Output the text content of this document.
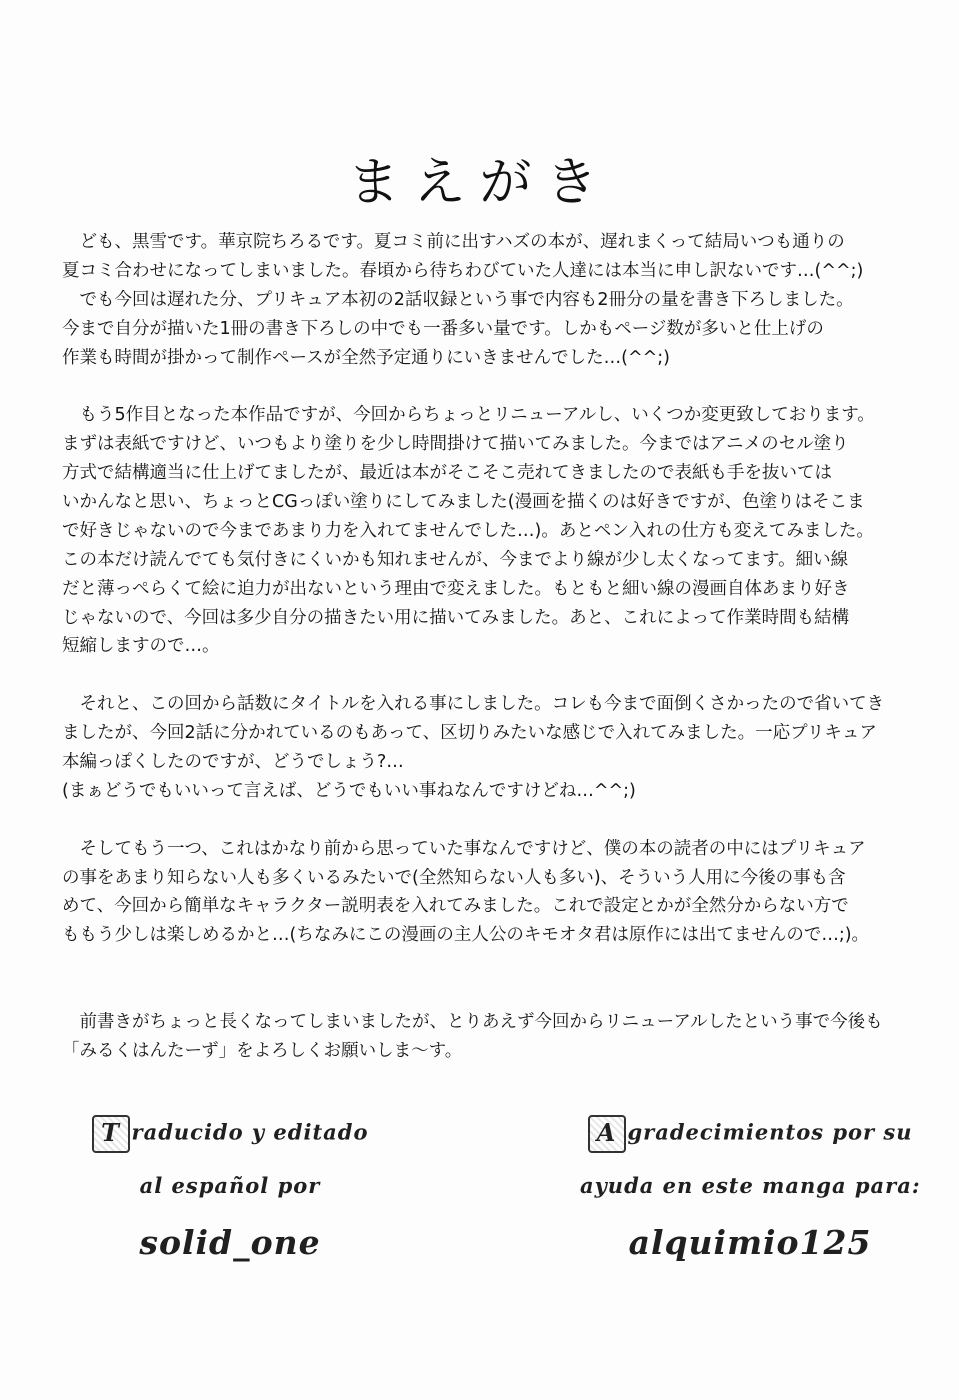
まえがき
　ども、黒雪です。華京院ちろるです。夏コミ前に出すハズの本が、遅れまくって結局いつも通りの
夏コミ合わせになってしまいました。春頃から待ちわびていた人達には本当に申し訳ないです…(^^;)
　でも今回は遅れた分、プリキュア本初の2話収録という事で内容も2冊分の量を書き下ろしました。
今まで自分が描いた1冊の書き下ろしの中でも一番多い量です。しかもページ数が多いと仕上げの
作業も時間が掛かって制作ペースが全然予定通りにいきませんでした…(^^;)
　もう5作目となった本作品ですが、今回からちょっとリニューアルし、いくつか変更致しております。
まずは表紙ですけど、いつもより塗りを少し時間掛けて描いてみました。今まではアニメのセル塗り
方式で結構適当に仕上げてましたが、最近は本がそこそこ売れてきましたので表紙も手を抜いては
いかんなと思い、ちょっとCGっぽい塗りにしてみました(漫画を描くのは好きですが、色塗りはそこま
で好きじゃないので今まであまり力を入れてませんでした…)。あとペン入れの仕方も変えてみました。
この本だけ読んでても気付きにくいかも知れませんが、今までより線が少し太くなってます。細い線
だと薄っぺらくて絵に迫力が出ないという理由で変えました。もともと細い線の漫画自体あまり好き
じゃないので、今回は多少自分の描きたい用に描いてみました。あと、これによって作業時間も結構
短縮しますので…。
　それと、この回から話数にタイトルを入れる事にしました。コレも今まで面倒くさかったので省いてき
ましたが、今回2話に分かれているのもあって、区切りみたいな感じで入れてみました。一応プリキュア
本編っぽくしたのですが、どうでしょう?…
(まぁどうでもいいって言えば、どうでもいい事ねなんですけどね…^^;)
　そしてもう一つ、これはかなり前から思っていた事なんですけど、僕の本の読者の中にはプリキュア
の事をあまり知らない人も多くいるみたいで(全然知らない人も多い)、そういう人用に今後の事も含
めて、今回から簡単なキャラクター説明表を入れてみました。これで設定とかが全然分からない方で
ももう少しは楽しめるかと…(ちなみにこの漫画の主人公のキモオタ君は原作には出てませんので…;)。
　前書きがちょっと長くなってしまいましたが、とりあえず今回からリニューアルしたという事で今後も
「みるくはんたーず」をよろしくお願いしま～す。
T raducido y editado
al español por
solid_one
A gradecimientos por su
ayuda en este manga para:
alquimio125
